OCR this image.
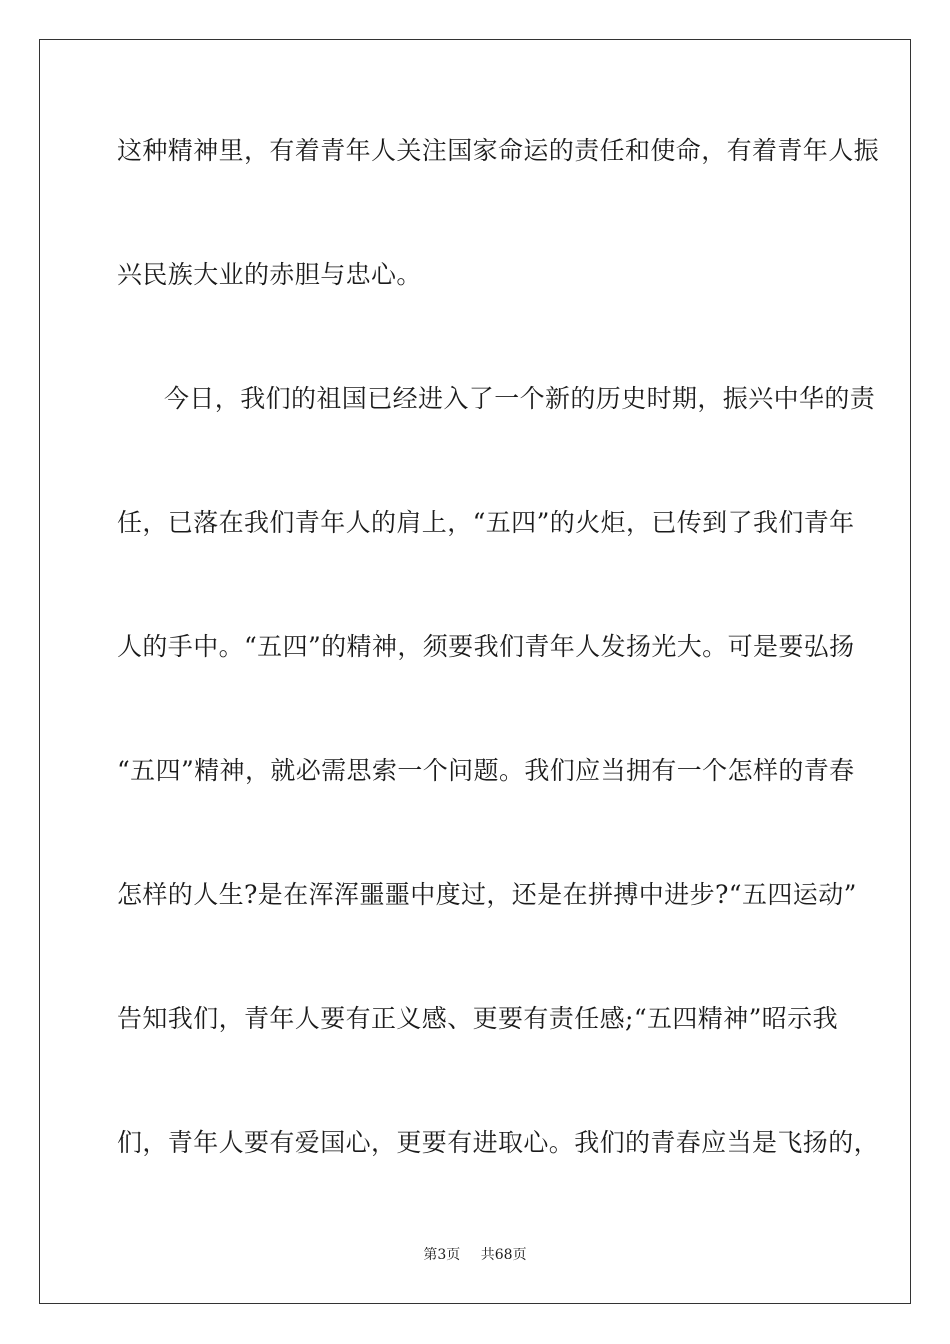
这种精神里，有着青年人关注国家命运的责任和使命，有着青年人振
兴民族大业的赤胆与忠心。
今日，我们的祖国已经进入了一个新的历史时期，振兴中华的责
任，已落在我们青年人的肩上，“五四”的火炬，已传到了我们青年
人的手中。“五四”的精神，须要我们青年人发扬光大。可是要弘扬
“五四”精神，就必需思索一个问题。我们应当拥有一个怎样的青春
怎样的人生?是在浑浑噩噩中度过，还是在拼搏中进步?“五四运动”
告知我们，青年人要有正义感、更要有责任感;“五四精神”昭示我
们，青年人要有爱国心，更要有进取心。我们的青春应当是飞扬的，
第3页 共68页
